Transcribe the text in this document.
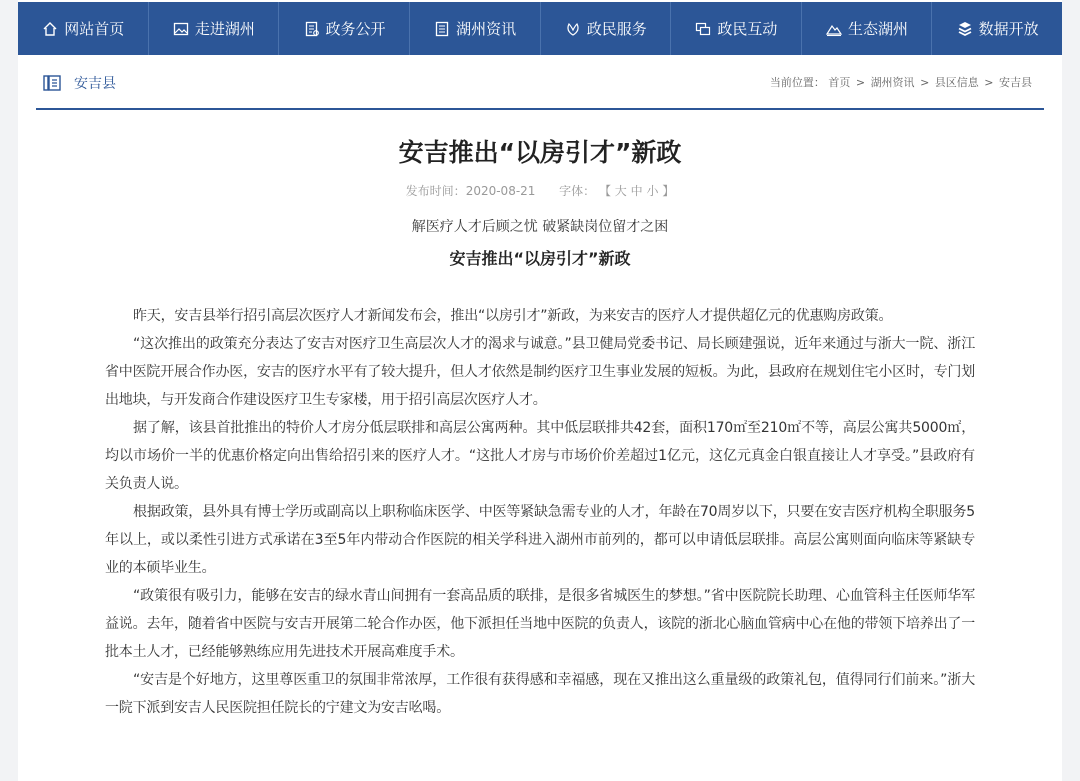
网站首页	走进湖州	政务公开	湖州资讯	政民服务	政民互动	生态湖州	数据开放
安吉县	当前位置： 首页 > 湖州资讯 > 县区信息 > 安吉县
安吉推出“以房引才”新政
发布时间：2020-08-21 字体： 【 大 中 小 】
解医疗人才后顾之忧 破紧缺岗位留才之困
安吉推出“以房引才”新政

昨天，安吉县举行招引高层次医疗人才新闻发布会，推出“以房引才”新政，为来安吉的医疗人才提供超亿元的优惠购房政策。

“这次推出的政策充分表达了安吉对医疗卫生高层次人才的渴求与诚意。”县卫健局党委书记、局长顾建强说，近年来通过与浙大一院、浙江省中医院开展合作办医，安吉的医疗水平有了较大提升，但人才依然是制约医疗卫生事业发展的短板。为此，县政府在规划住宅小区时，专门划出地块，与开发商合作建设医疗卫生专家楼，用于招引高层次医疗人才。

据了解，该县首批推出的特价人才房分低层联排和高层公寓两种。其中低层联排共42套，面积170㎡至210㎡不等，高层公寓共5000㎡，均以市场价一半的优惠价格定向出售给招引来的医疗人才。“这批人才房与市场价价差超过1亿元，这亿元真金白银直接让人才享受。”县政府有关负责人说。

根据政策，县外具有博士学历或副高以上职称临床医学、中医等紧缺急需专业的人才，年龄在70周岁以下，只要在安吉医疗机构全职服务5年以上，或以柔性引进方式承诺在3至5年内带动合作医院的相关学科进入湖州市前列的，都可以申请低层联排。高层公寓则面向临床等紧缺专业的本硕毕业生。

“政策很有吸引力，能够在安吉的绿水青山间拥有一套高品质的联排，是很多省城医生的梦想。”省中医院院长助理、心血管科主任医师华军益说。去年，随着省中医院与安吉开展第二轮合作办医，他下派担任当地中医院的负责人，该院的浙北心脑血管病中心在他的带领下培养出了一批本土人才，已经能够熟练应用先进技术开展高难度手术。

“安吉是个好地方，这里尊医重卫的氛围非常浓厚，工作很有获得感和幸福感，现在又推出这么重量级的政策礼包，值得同行们前来。”浙大一院下派到安吉人民医院担任院长的宁建文为安吉吆喝。
